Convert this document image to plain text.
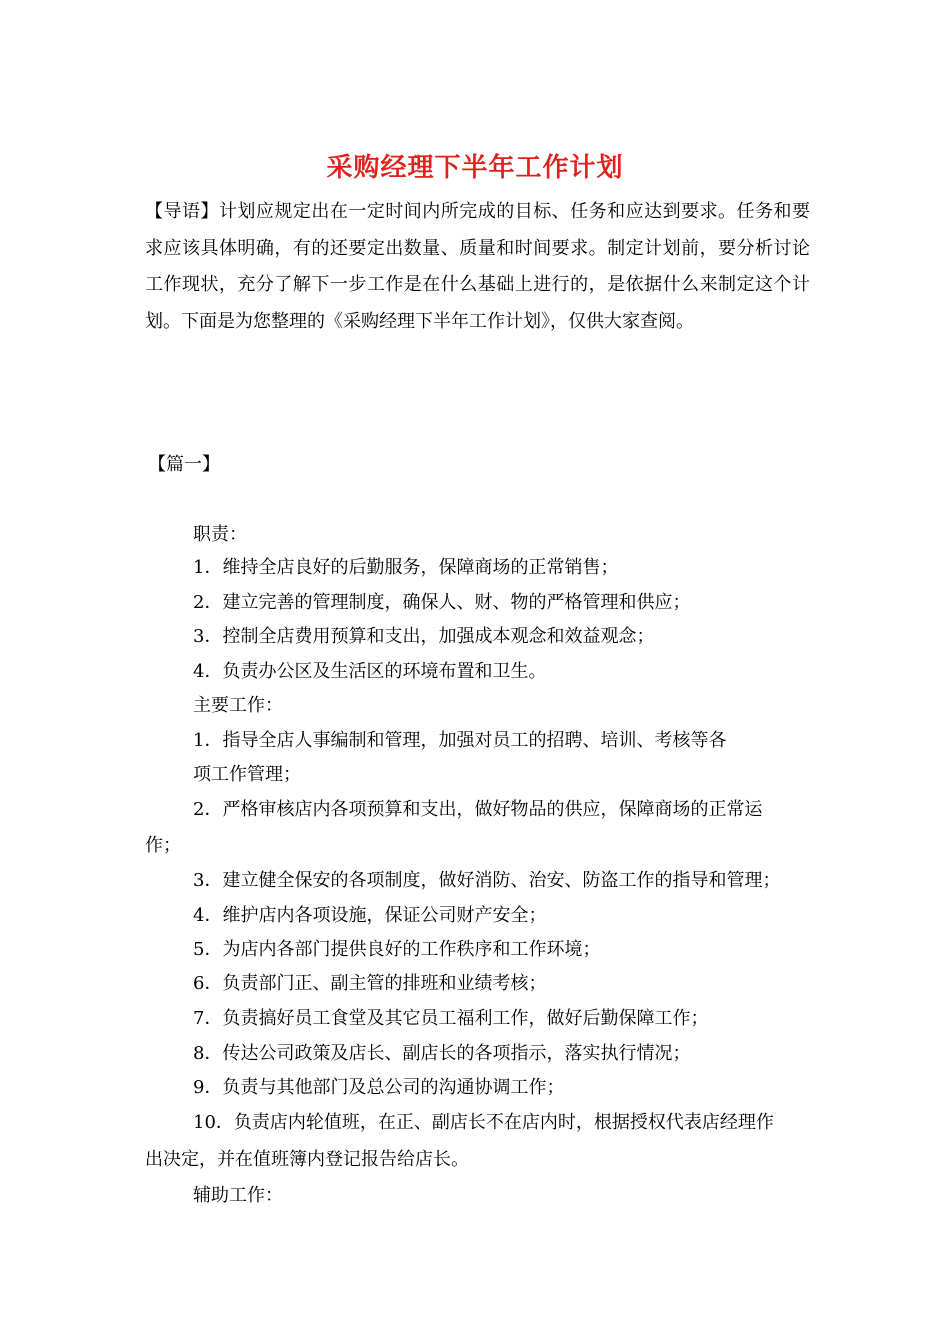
采购经理下半年工作计划
【导语】计划应规定出在一定时间内所完成的目标、任务和应达到要求。任务和要求应该具体明确，有的还要定出数量、质量和时间要求。制定计划前，要分析讨论工作现状，充分了解下一步工作是在什么基础上进行的，是依据什么来制定这个计划。下面是为您整理的《采购经理下半年工作计划》，仅供大家查阅。
【篇一】
职责：
1．维持全店良好的后勤服务，保障商场的正常销售；
2．建立完善的管理制度，确保人、财、物的严格管理和供应；
3．控制全店费用预算和支出，加强成本观念和效益观念；
4．负责办公区及生活区的环境布置和卫生。
主要工作：
1．指导全店人事编制和管理，加强对员工的招聘、培训、考核等各
项工作管理；
2．严格审核店内各项预算和支出，做好物品的供应，保障商场的正常运
作；
3．建立健全保安的各项制度，做好消防、治安、防盗工作的指导和管理；
4．维护店内各项设施，保证公司财产安全；
5．为店内各部门提供良好的工作秩序和工作环境；
6．负责部门正、副主管的排班和业绩考核；
7．负责搞好员工食堂及其它员工福利工作，做好后勤保障工作；
8．传达公司政策及店长、副店长的各项指示，落实执行情况；
9．负责与其他部门及总公司的沟通协调工作；
10．负责店内轮值班，在正、副店长不在店内时，根据授权代表店经理作
出决定，并在值班簿内登记报告给店长。
辅助工作：
